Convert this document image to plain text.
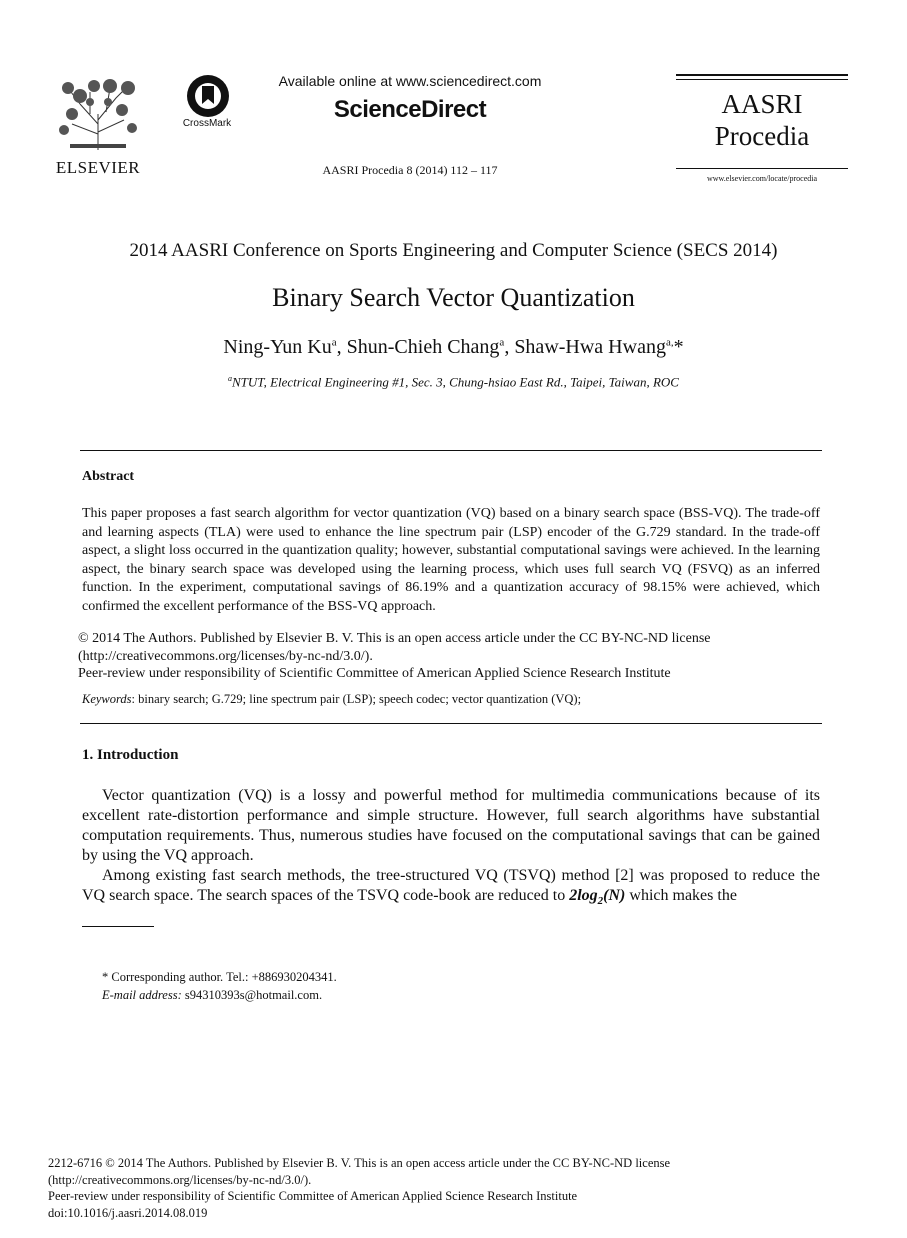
ELSEVIER
CrossMark
Available online at www.sciencedirect.com
ScienceDirect
AASRI Procedia 8 (2014) 112 – 117
AASRI
Procedia
www.elsevier.com/locate/procedia
2014 AASRI Conference on Sports Engineering and Computer Science (SECS 2014)
Binary Search Vector Quantization
Ning-Yun Ku$^a$, Shun-Chieh Chang$^a$, Shaw-Hwa Hwang$^{a,}$*
$^a$NTUT, Electrical Engineering #1, Sec. 3, Chung-hsiao East Rd., Taipei, Taiwan, ROC
Abstract
This paper proposes a fast search algorithm for vector quantization (VQ) based on a binary search space (BSS-VQ). The trade-off and learning aspects (TLA) were used to enhance the line spectrum pair (LSP) encoder of the G.729 standard. In the trade-off aspect, a slight loss occurred in the quantization quality; however, substantial computational savings were achieved. In the learning aspect, the binary search space was developed using the learning process, which uses full search VQ (FSVQ) as an inferred function. In the experiment, computational savings of 86.19% and a quantization accuracy of 98.15% were achieved, which confirmed the excellent performance of the BSS-VQ approach.
© 2014 The Authors. Published by Elsevier B. V. This is an open access article under the CC BY-NC-ND license
(http://creativecommons.org/licenses/by-nc-nd/3.0/).
Peer-review under responsibility of Scientific Committee of American Applied Science Research Institute
Keywords: binary search; G.729; line spectrum pair (LSP); speech codec; vector quantization (VQ);
1. Introduction

Vector quantization (VQ) is a lossy and powerful method for multimedia communications because of its excellent rate-distortion performance and simple structure. However, full search algorithms have substantial computation requirements. Thus, numerous studies have focused on the computational savings that can be gained by using the VQ approach.

Among existing fast search methods, the tree-structured VQ (TSVQ) method [2] was proposed to reduce the VQ search space. The search spaces of the TSVQ code-book are reduced to $2\log_2(N)$ which makes the

* Corresponding author. Tel.: +886930204341.
E-mail address: s94310393s@hotmail.com.
2212-6716 © 2014 The Authors. Published by Elsevier B. V. This is an open access article under the CC BY-NC-ND license
(http://creativecommons.org/licenses/by-nc-nd/3.0/).
Peer-review under responsibility of Scientific Committee of American Applied Science Research Institute
doi:10.1016/j.aasri.2014.08.019
